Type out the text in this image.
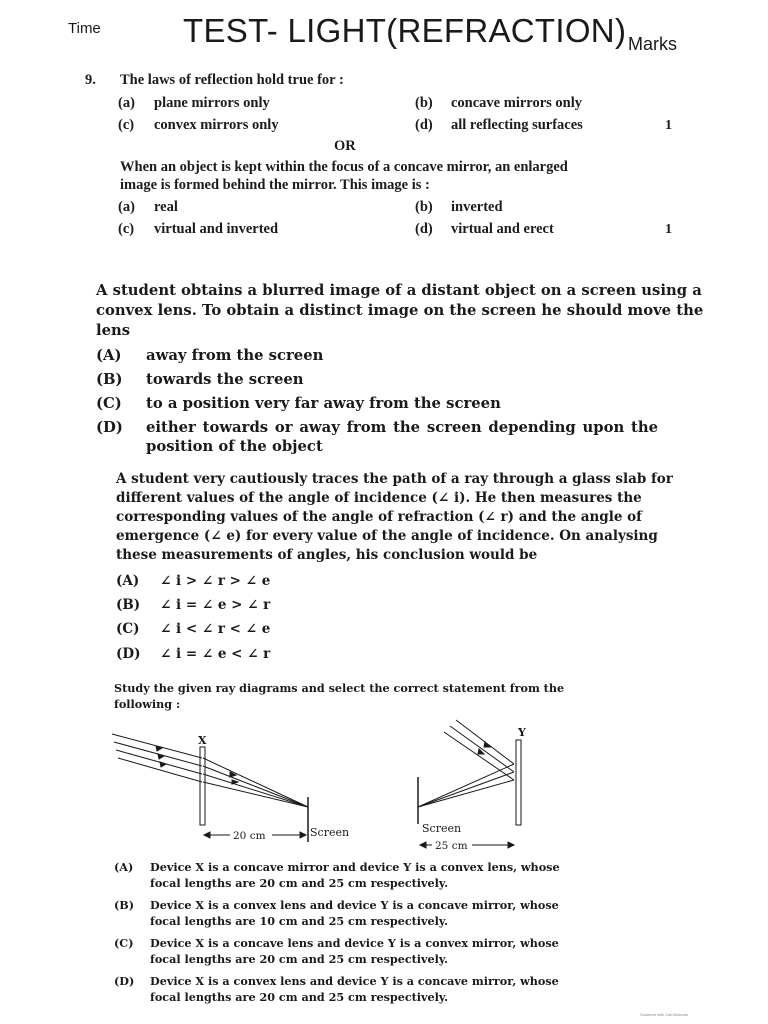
Time TEST- LIGHT(REFRACTION) Marks
9. The laws of reflection hold true for :
(a) plane mirrors only	(b) concave mirrors only
(c) convex mirrors only	(d) all reflecting surfaces	1
OR
When an object is kept within the focus of a concave mirror, an enlarged
image is formed behind the mirror. This image is :
(a) real	(b) inverted
(c) virtual and inverted	(d) virtual and erect	1
A student obtains a blurred image of a distant object on a screen using a
convex lens. To obtain a distinct image on the screen he should move the
lens
(A) away from the screen
(B) towards the screen
(C) to a position very far away from the screen
(D) either towards or away from the screen depending upon the
position of the object
A student very cautiously traces the path of a ray through a glass slab for
different values of the angle of incidence (∠ i). He then measures the
corresponding values of the angle of refraction (∠ r) and the angle of
emergence (∠ e) for every value of the angle of incidence. On analysing
these measurements of angles, his conclusion would be
(A) ∠ i > ∠ r > ∠ e
(B) ∠ i = ∠ e > ∠ r
(C) ∠ i < ∠ r < ∠ e
(D) ∠ i = ∠ e < ∠ r
Study the given ray diagrams and select the correct statement from the
following :
X
Y
20 cm	Screen	Screen
25 cm
(A) Device X is a concave mirror and device Y is a convex lens, whose
focal lengths are 20 cm and 25 cm respectively.
(B) Device X is a convex lens and device Y is a concave mirror, whose
focal lengths are 10 cm and 25 cm respectively.
(C) Device X is a concave lens and device Y is a convex mirror, whose
focal lengths are 20 cm and 25 cm respectively.
(D) Device X is a convex lens and device Y is a concave mirror, whose
focal lengths are 20 cm and 25 cm respectively.
Scanned with CamScanner
